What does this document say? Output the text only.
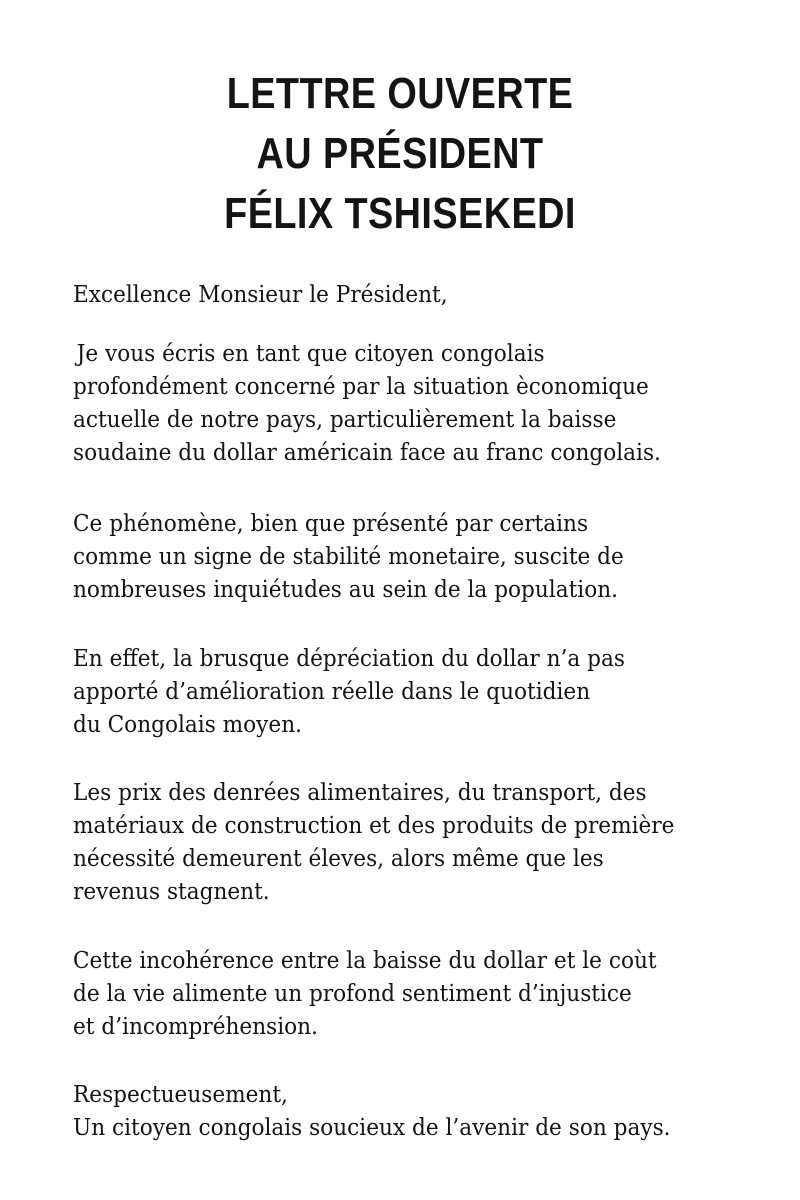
LETTRE OUVERTE
AU PRÉSIDENT
FÉLIX TSHISEKEDI

Excellence Monsieur le Président,

Je vous écris en tant que citoyen congolais
profondément concerné par la situation èconomique
actuelle de notre pays, particulièrement la baisse
soudaine du dollar américain face au franc congolais.

Ce phénomène, bien que présenté par certains
comme un signe de stabilité monetaire, suscite de
nombreuses inquiétudes au sein de la population.

En effet, la brusque dépréciation du dollar n’a pas
apporté d’amélioration réelle dans le quotidien
du Congolais moyen.

Les prix des denrées alimentaires, du transport, des
matériaux de construction et des produits de première
nécessité demeurent éleves, alors même que les
revenus stagnent.

Cette incohérence entre la baisse du dollar et le coùt
de la vie alimente un profond sentiment d’injustice
et d’incompréhension.

Respectueusement,
Un citoyen congolais soucieux de l’avenir de son pays.
